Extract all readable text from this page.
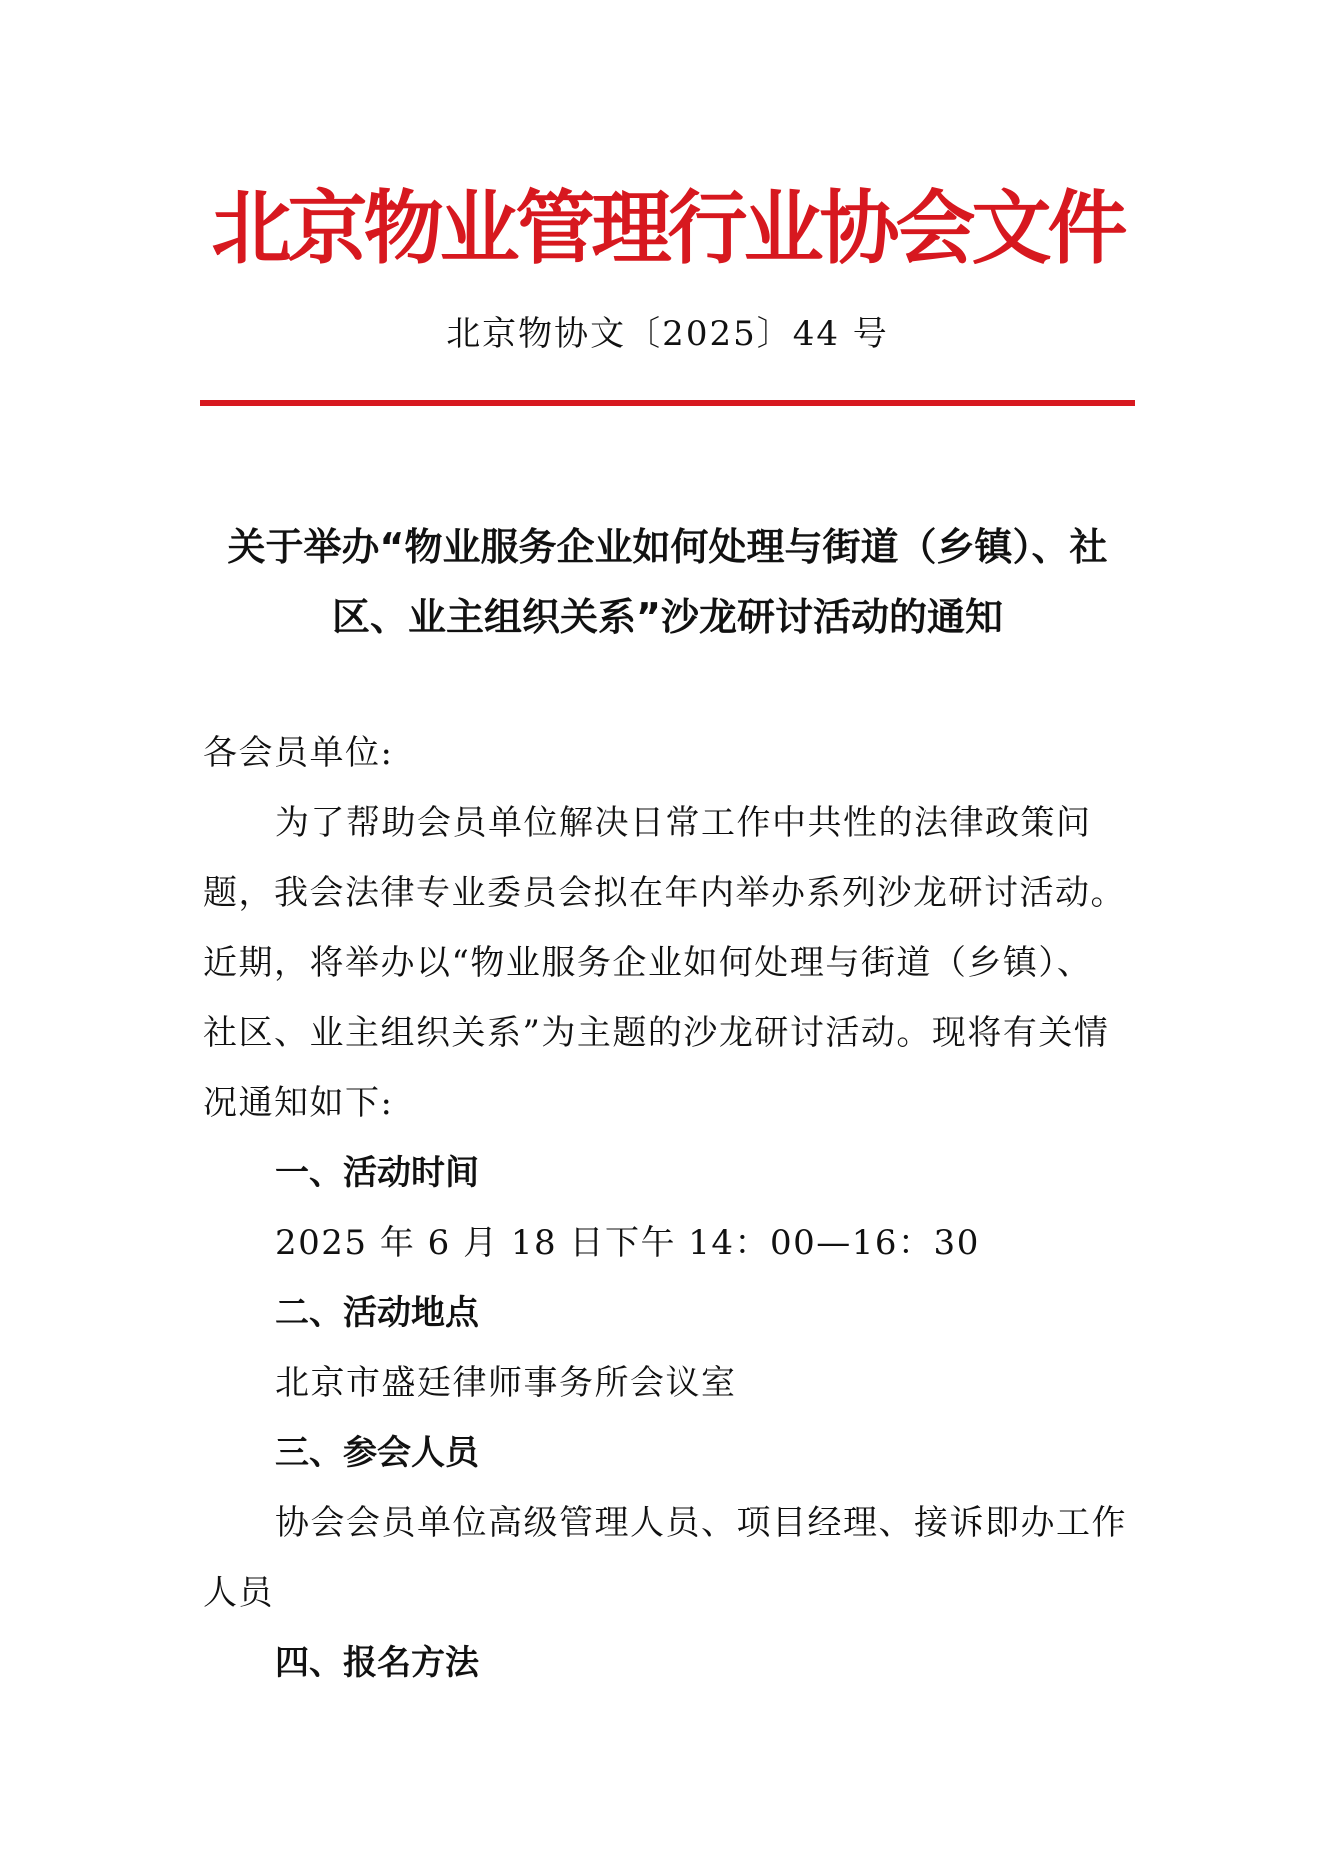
北京物业管理行业协会文件
北京物协文〔2025〕44 号
关于举办“物业服务企业如何处理与街道（乡镇）、社
区、业主组织关系”沙龙研讨活动的通知
各会员单位:
为了帮助会员单位解决日常工作中共性的法律政策问
题，我会法律专业委员会拟在年内举办系列沙龙研讨活动。
近期，将举办以“物业服务企业如何处理与街道（乡镇）、
社区、业主组织关系”为主题的沙龙研讨活动。现将有关情
况通知如下:
一、活动时间
2025 年 6 月 18 日下午 14：00—16：30
二、活动地点
北京市盛廷律师事务所会议室
三、参会人员
协会会员单位高级管理人员、项目经理、接诉即办工作
人员
四、报名方法
